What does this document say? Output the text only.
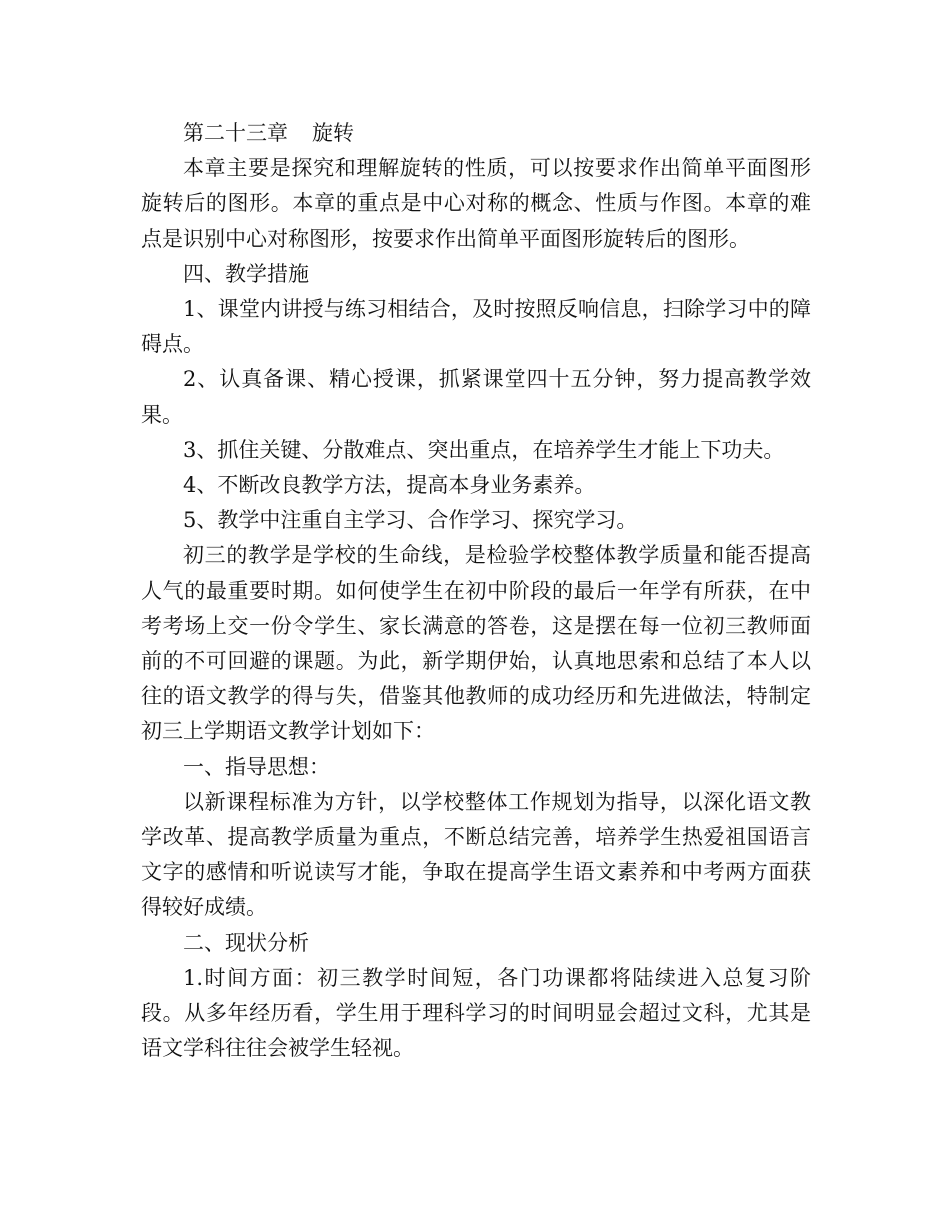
第二十三章 旋转

本章主要是探究和理解旋转的性质，可以按要求作出简单平面图形旋转后的图形。本章的重点是中心对称的概念、性质与作图。本章的难点是识别中心对称图形，按要求作出简单平面图形旋转后的图形。

四、教学措施

1、课堂内讲授与练习相结合，及时按照反响信息，扫除学习中的障碍点。

2、认真备课、精心授课，抓紧课堂四十五分钟，努力提高教学效果。

3、抓住关键、分散难点、突出重点，在培养学生才能上下功夫。

4、不断改良教学方法，提高本身业务素养。

5、教学中注重自主学习、合作学习、探究学习。

初三的教学是学校的生命线，是检验学校整体教学质量和能否提高人气的最重要时期。如何使学生在初中阶段的最后一年学有所获，在中考考场上交一份令学生、家长满意的答卷，这是摆在每一位初三教师面前的不可回避的课题。为此，新学期伊始，认真地思索和总结了本人以往的语文教学的得与失，借鉴其他教师的成功经历和先进做法，特制定初三上学期语文教学计划如下：

一、指导思想：

以新课程标准为方针，以学校整体工作规划为指导，以深化语文教学改革、提高教学质量为重点，不断总结完善，培养学生热爱祖国语言文字的感情和听说读写才能，争取在提高学生语文素养和中考两方面获得较好成绩。

二、现状分析

1.时间方面：初三教学时间短，各门功课都将陆续进入总复习阶段。从多年经历看，学生用于理科学习的时间明显会超过文科，尤其是语文学科往往会被学生轻视。
